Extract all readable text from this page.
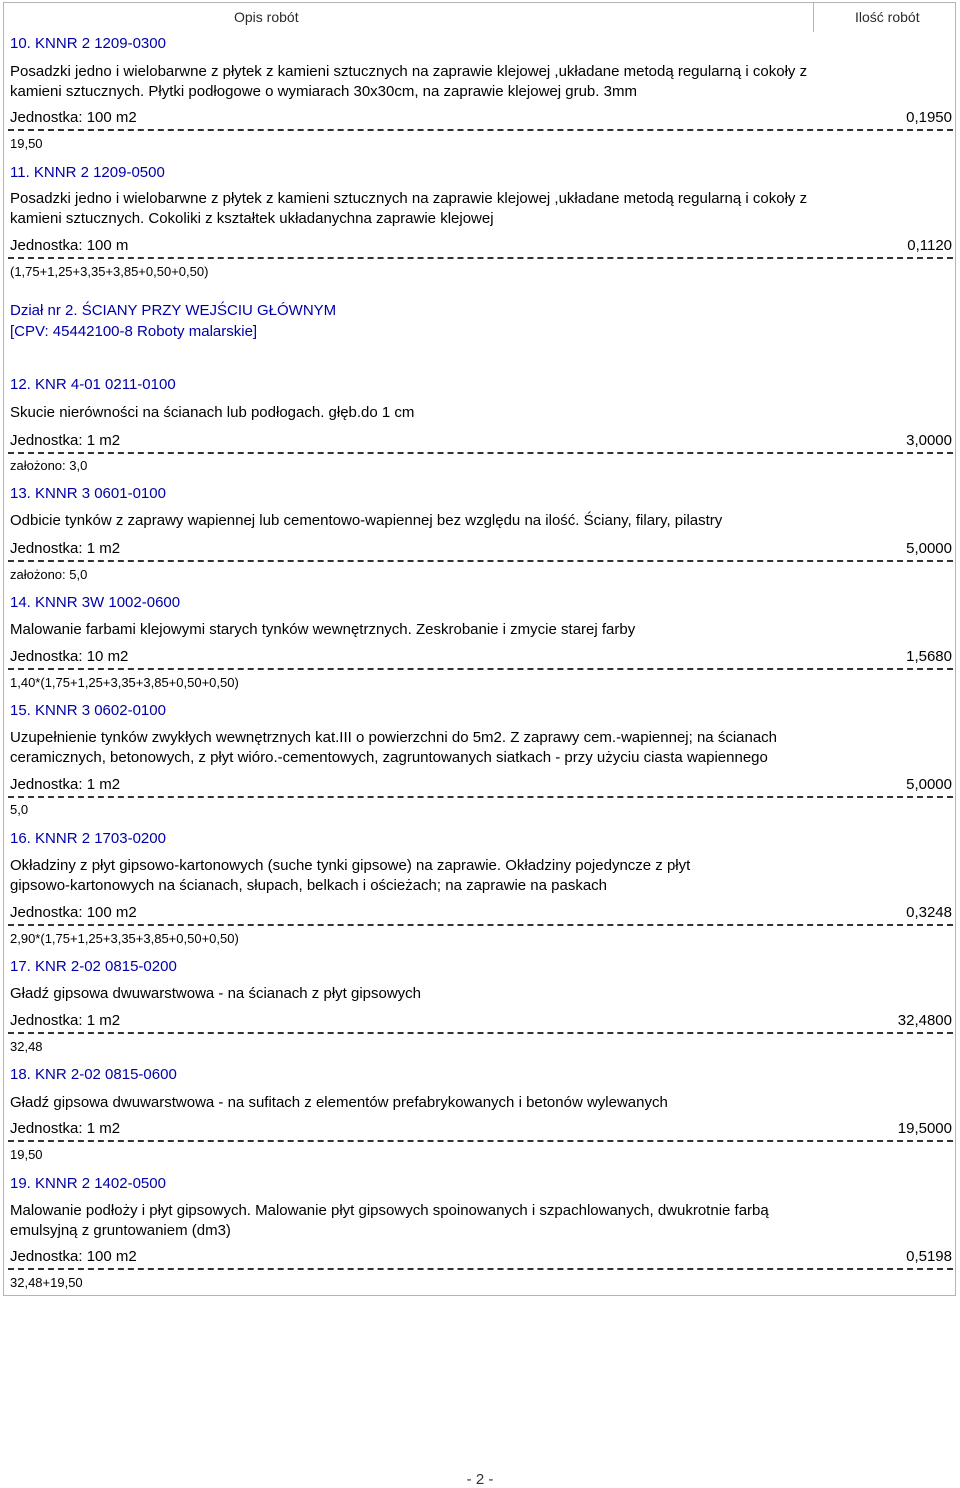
Opis robót	Ilość robót
10. KNNR 2 1209-0300
Posadzki jedno i wielobarwne z płytek z kamieni sztucznych na zaprawie klejowej ,układane metodą regularną i cokoły z
kamieni sztucznych. Płytki podłogowe o wymiarach 30x30cm, na zaprawie klejowej grub. 3mm
Jednostka: 100 m2	0,1950
19,50
11. KNNR 2 1209-0500
Posadzki jedno i wielobarwne z płytek z kamieni sztucznych na zaprawie klejowej ,układane metodą regularną i cokoły z
kamieni sztucznych. Cokoliki z kształtek układanychna zaprawie klejowej
Jednostka: 100 m	0,1120
(1,75+1,25+3,35+3,85+0,50+0,50)
12. KNR 4-01 0211-0100
Skucie nierówności na ścianach lub podłogach. głęb.do 1 cm
Jednostka: 1 m2	3,0000
założono: 3,0
13. KNNR 3 0601-0100
Odbicie tynków z zaprawy wapiennej lub cementowo-wapiennej bez względu na ilość. Ściany, filary, pilastry
Jednostka: 1 m2	5,0000
założono: 5,0
14. KNNR 3W 1002-0600
Malowanie farbami klejowymi starych tynków wewnętrznych. Zeskrobanie i zmycie starej farby
Jednostka: 10 m2	1,5680
1,40*(1,75+1,25+3,35+3,85+0,50+0,50)
15. KNNR 3 0602-0100
Uzupełnienie tynków zwykłych wewnętrznych kat.III o powierzchni do 5m2. Z zaprawy cem.-wapiennej; na ścianach
ceramicznych, betonowych, z płyt wióro.-cementowych, zagruntowanych siatkach - przy użyciu ciasta wapiennego
Jednostka: 1 m2	5,0000
5,0
16. KNNR 2 1703-0200
Okładziny z płyt gipsowo-kartonowych (suche tynki gipsowe) na zaprawie. Okładziny pojedyncze z płyt
gipsowo-kartonowych na ścianach, słupach, belkach i ościeżach; na zaprawie na paskach
Jednostka: 100 m2	0,3248
2,90*(1,75+1,25+3,35+3,85+0,50+0,50)
17. KNR 2-02 0815-0200
Gładź gipsowa dwuwarstwowa - na ścianach z płyt gipsowych
Jednostka: 1 m2	32,4800
32,48
18. KNR 2-02 0815-0600
Gładź gipsowa dwuwarstwowa - na sufitach z elementów prefabrykowanych i betonów wylewanych
Jednostka: 1 m2	19,5000
19,50
19. KNNR 2 1402-0500
Malowanie podłoży i płyt gipsowych. Malowanie płyt gipsowych spoinowanych i szpachlowanych, dwukrotnie farbą
emulsyjną z gruntowaniem (dm3)
Jednostka: 100 m2	0,5198
32,48+19,50
Dział nr 2. ŚCIANY PRZY WEJŚCIU GŁÓWNYM
[CPV: 45442100-8 Roboty malarskie]
- 2 -
